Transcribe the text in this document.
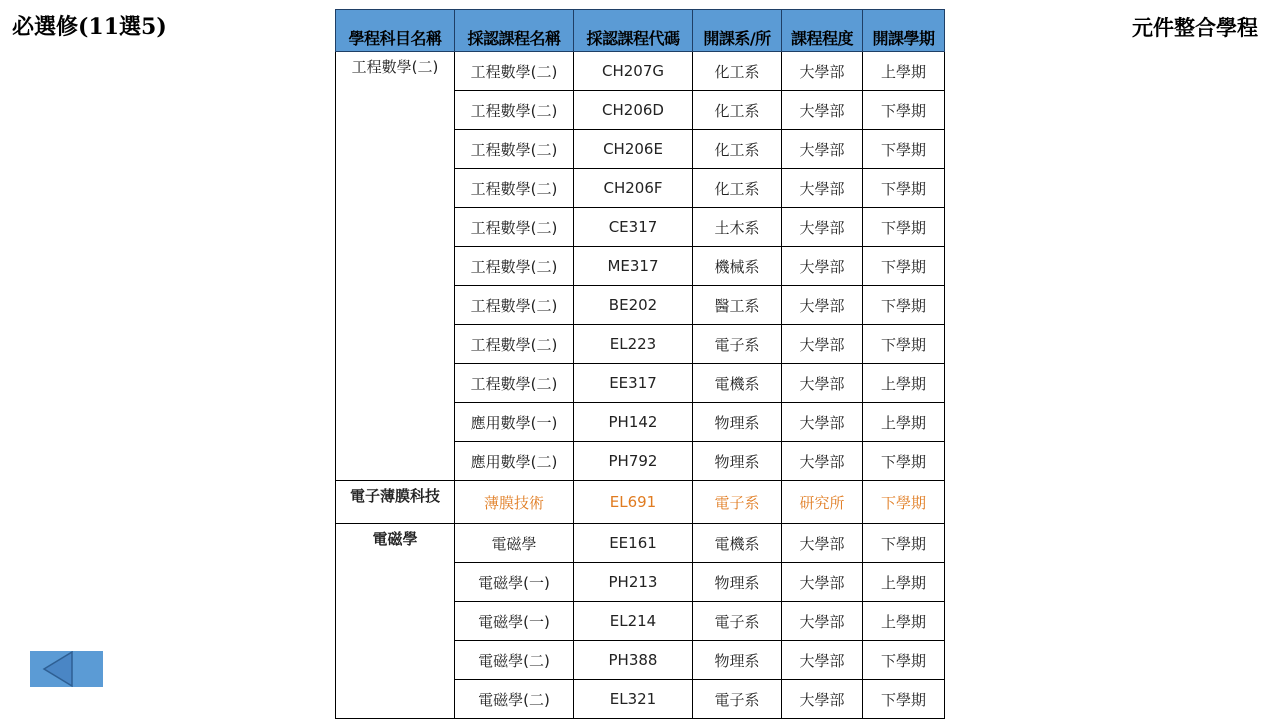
必選修(11選5)	元件整合學程
學程科目名稱	採認課程名稱	採認課程代碼	開課系/所	課程程度	開課學期
工程數學(二)	工程數學(二)	CH207G	化工系	大學部	上學期
	工程數學(二)	CH206D	化工系	大學部	下學期
	工程數學(二)	CH206E	化工系	大學部	下學期
	工程數學(二)	CH206F	化工系	大學部	下學期
	工程數學(二)	CE317	土木系	大學部	下學期
	工程數學(二)	ME317	機械系	大學部	下學期
	工程數學(二)	BE202	醫工系	大學部	下學期
	工程數學(二)	EL223	電子系	大學部	下學期
	工程數學(二)	EE317	電機系	大學部	上學期
	應用數學(一)	PH142	物理系	大學部	上學期
	應用數學(二)	PH792	物理系	大學部	下學期
電子薄膜科技	薄膜技術	EL691	電子系	研究所	下學期
電磁學	電磁學	EE161	電機系	大學部	下學期
	電磁學(一)	PH213	物理系	大學部	上學期
	電磁學(一)	EL214	電子系	大學部	上學期
	電磁學(二)	PH388	物理系	大學部	下學期
	電磁學(二)	EL321	電子系	大學部	下學期
